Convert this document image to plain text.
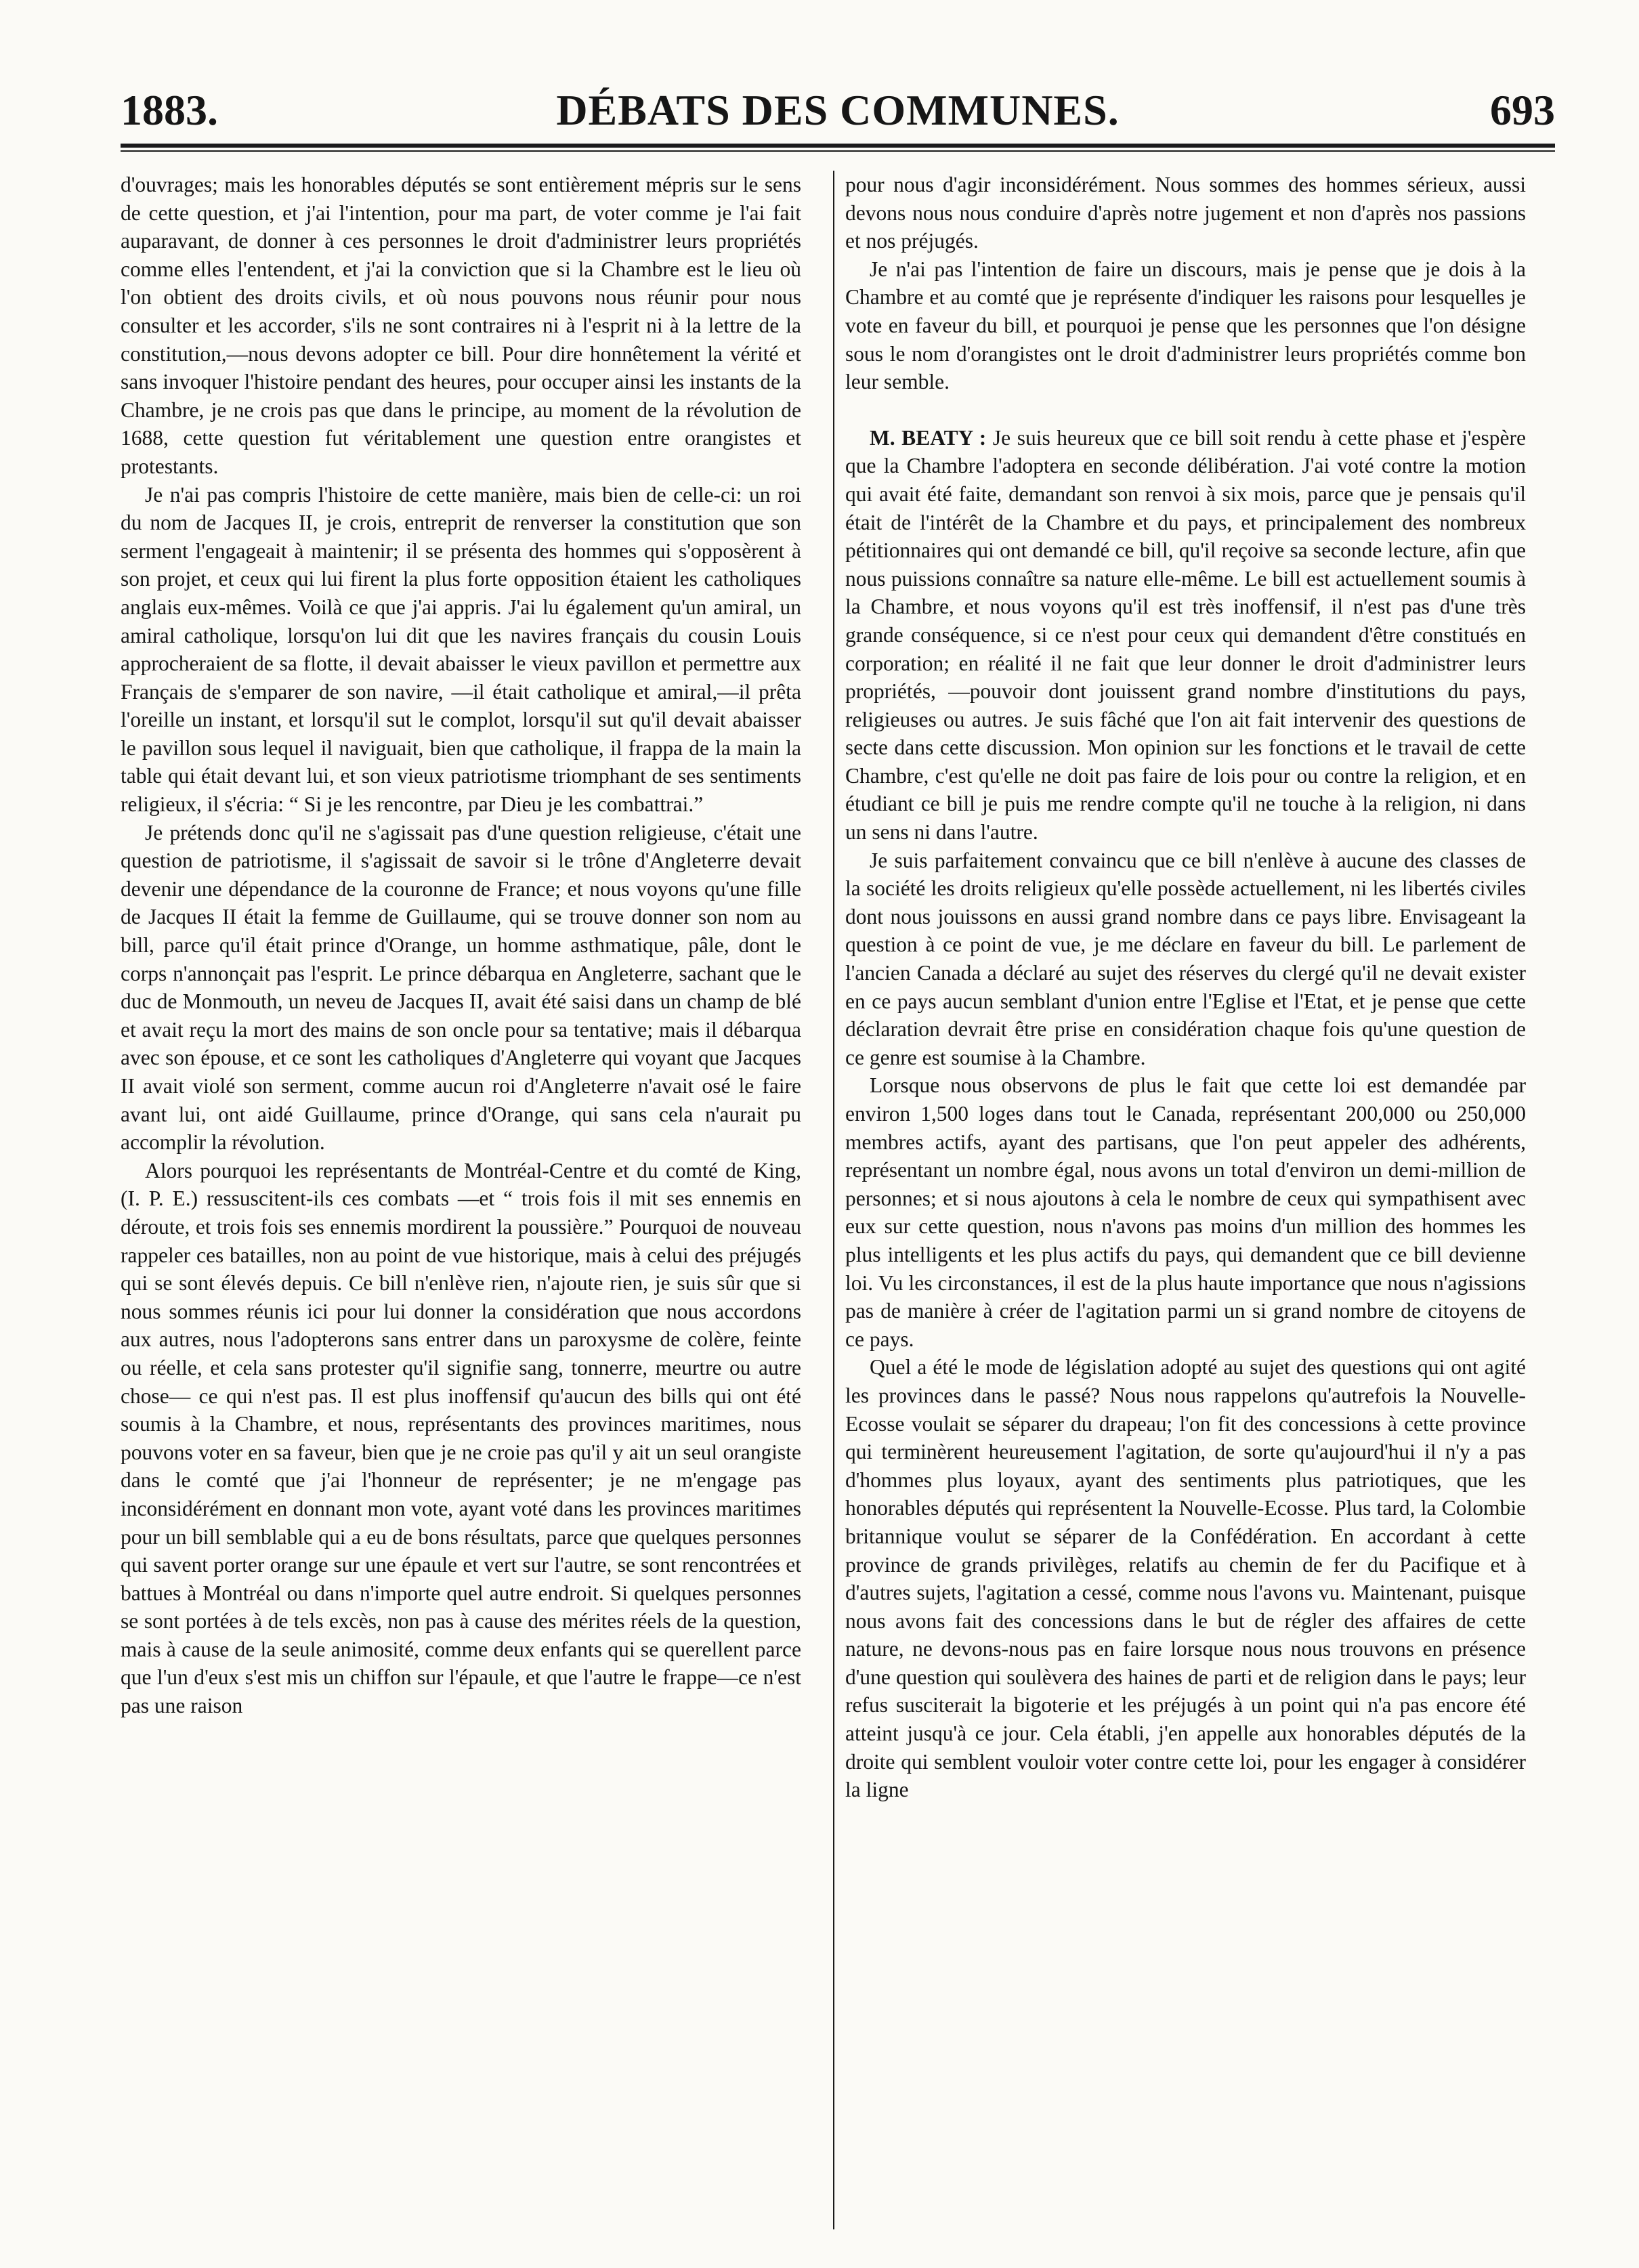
DÉBATS DES COMMUNES.
1883.	693

d'ouvrages; mais les honorables députés se sont entièrement mépris sur le sens de cette question, et j'ai l'intention, pour ma part, de voter comme je l'ai fait auparavant, de donner à ces personnes le droit d'administrer leurs propriétés comme elles l'entendent, et j'ai la conviction que si la Chambre est le lieu où l'on obtient des droits civils, et où nous pouvons nous réunir pour nous consulter et les accorder, s'ils ne sont contraires ni à l'esprit ni à la lettre de la constitution,—nous devons adopter ce bill. Pour dire honnêtement la vérité et sans invoquer l'histoire pendant des heures, pour occuper ainsi les instants de la Chambre, je ne crois pas que dans le principe, au moment de la révolution de 1688, cette question fut véritablement une question entre orangistes et protestants.

Je n'ai pas compris l'histoire de cette manière, mais bien de celle-ci: un roi du nom de Jacques II, je crois, entreprit de renverser la constitution que son serment l'engageait à maintenir; il se présenta des hommes qui s'opposèrent à son projet, et ceux qui lui firent la plus forte opposition étaient les catholiques anglais eux-mêmes. Voilà ce que j'ai appris. J'ai lu également qu'un amiral, un amiral catholique, lorsqu'on lui dit que les navires français du cousin Louis approcheraient de sa flotte, il devait abaisser le vieux pavillon et permettre aux Français de s'emparer de son navire, —il était catholique et amiral,—il prêta l'oreille un instant, et lorsqu'il sut le complot, lorsqu'il sut qu'il devait abaisser le pavillon sous lequel il naviguait, bien que catholique, il frappa de la main la table qui était devant lui, et son vieux patriotisme triomphant de ses sentiments religieux, il s'écria: “ Si je les rencontre, par Dieu je les combattrai.”

Je prétends donc qu'il ne s'agissait pas d'une question religieuse, c'était une question de patriotisme, il s'agissait de savoir si le trône d'Angleterre devait devenir une dépendance de la couronne de France; et nous voyons qu'une fille de Jacques II était la femme de Guillaume, qui se trouve donner son nom au bill, parce qu'il était prince d'Orange, un homme asthmatique, pâle, dont le corps n'annonçait pas l'esprit. Le prince débarqua en Angleterre, sachant que le duc de Monmouth, un neveu de Jacques II, avait été saisi dans un champ de blé et avait reçu la mort des mains de son oncle pour sa tentative; mais il débarqua avec son épouse, et ce sont les catholiques d'Angleterre qui voyant que Jacques II avait violé son serment, comme aucun roi d'Angleterre n'avait osé le faire avant lui, ont aidé Guillaume, prince d'Orange, qui sans cela n'aurait pu accomplir la révolution.

Alors pourquoi les représentants de Montréal-Centre et du comté de King, (I. P. E.) ressuscitent-ils ces combats —et “ trois fois il mit ses ennemis en déroute, et trois fois ses ennemis mordirent la poussière.” Pourquoi de nouveau rappeler ces batailles, non au point de vue historique, mais à celui des préjugés qui se sont élevés depuis. Ce bill n'enlève rien, n'ajoute rien, je suis sûr que si nous sommes réunis ici pour lui donner la considération que nous accordons aux autres, nous l'adopterons sans entrer dans un paroxysme de colère, feinte ou réelle, et cela sans protester qu'il signifie sang, tonnerre, meurtre ou autre chose— ce qui n'est pas. Il est plus inoffensif qu'aucun des bills qui ont été soumis à la Chambre, et nous, représentants des provinces maritimes, nous pouvons voter en sa faveur, bien que je ne croie pas qu'il y ait un seul orangiste dans le comté que j'ai l'honneur de représenter; je ne m'engage pas inconsidérément en donnant mon vote, ayant voté dans les provinces maritimes pour un bill semblable qui a eu de bons résultats, parce que quelques personnes qui savent porter orange sur une épaule et vert sur l'autre, se sont rencontrées et battues à Montréal ou dans n'importe quel autre endroit. Si quelques personnes se sont portées à de tels excès, non pas à cause des mérites réels de la question, mais à cause de la seule animosité, comme deux enfants qui se querellent parce que l'un d'eux s'est mis un chiffon sur l'épaule, et que l'autre le frappe—ce n'est pas une raison

pour nous d'agir inconsidérément. Nous sommes des hommes sérieux, aussi devons nous nous conduire d'après notre jugement et non d'après nos passions et nos préjugés.

Je n'ai pas l'intention de faire un discours, mais je pense que je dois à la Chambre et au comté que je représente d'indiquer les raisons pour lesquelles je vote en faveur du bill, et pourquoi je pense que les personnes que l'on désigne sous le nom d'orangistes ont le droit d'administrer leurs propriétés comme bon leur semble.

M. BEATY : Je suis heureux que ce bill soit rendu à cette phase et j'espère que la Chambre l'adoptera en seconde délibération. J'ai voté contre la motion qui avait été faite, demandant son renvoi à six mois, parce que je pensais qu'il était de l'intérêt de la Chambre et du pays, et principalement des nombreux pétitionnaires qui ont demandé ce bill, qu'il reçoive sa seconde lecture, afin que nous puissions connaître sa nature elle-même. Le bill est actuellement soumis à la Chambre, et nous voyons qu'il est très inoffensif, il n'est pas d'une très grande conséquence, si ce n'est pour ceux qui demandent d'être constitués en corporation; en réalité il ne fait que leur donner le droit d'administrer leurs propriétés, —pouvoir dont jouissent grand nombre d'institutions du pays, religieuses ou autres. Je suis fâché que l'on ait fait intervenir des questions de secte dans cette discussion. Mon opinion sur les fonctions et le travail de cette Chambre, c'est qu'elle ne doit pas faire de lois pour ou contre la religion, et en étudiant ce bill je puis me rendre compte qu'il ne touche à la religion, ni dans un sens ni dans l'autre.

Je suis parfaitement convaincu que ce bill n'enlève à aucune des classes de la société les droits religieux qu'elle possède actuellement, ni les libertés civiles dont nous jouissons en aussi grand nombre dans ce pays libre. Envisageant la question à ce point de vue, je me déclare en faveur du bill. Le parlement de l'ancien Canada a déclaré au sujet des réserves du clergé qu'il ne devait exister en ce pays aucun semblant d'union entre l'Eglise et l'Etat, et je pense que cette déclaration devrait être prise en considération chaque fois qu'une question de ce genre est soumise à la Chambre.

Lorsque nous observons de plus le fait que cette loi est demandée par environ 1,500 loges dans tout le Canada, représentant 200,000 ou 250,000 membres actifs, ayant des partisans, que l'on peut appeler des adhérents, représentant un nombre égal, nous avons un total d'environ un demi-million de personnes; et si nous ajoutons à cela le nombre de ceux qui sympathisent avec eux sur cette question, nous n'avons pas moins d'un million des hommes les plus intelligents et les plus actifs du pays, qui demandent que ce bill devienne loi. Vu les circonstances, il est de la plus haute importance que nous n'agissions pas de manière à créer de l'agitation parmi un si grand nombre de citoyens de ce pays.

Quel a été le mode de législation adopté au sujet des questions qui ont agité les provinces dans le passé? Nous nous rappelons qu'autrefois la Nouvelle-Ecosse voulait se séparer du drapeau; l'on fit des concessions à cette province qui terminèrent heureusement l'agitation, de sorte qu'aujourd'hui il n'y a pas d'hommes plus loyaux, ayant des sentiments plus patriotiques, que les honorables députés qui représentent la Nouvelle-Ecosse. Plus tard, la Colombie britannique voulut se séparer de la Confédération. En accordant à cette province de grands privilèges, relatifs au chemin de fer du Pacifique et à d'autres sujets, l'agitation a cessé, comme nous l'avons vu. Maintenant, puisque nous avons fait des concessions dans le but de régler des affaires de cette nature, ne devons-nous pas en faire lorsque nous nous trouvons en présence d'une question qui soulèvera des haines de parti et de religion dans le pays; leur refus susciterait la bigoterie et les préjugés à un point qui n'a pas encore été atteint jusqu'à ce jour. Cela établi, j'en appelle aux honorables députés de la droite qui semblent vouloir voter contre cette loi, pour les engager à considérer la ligne
